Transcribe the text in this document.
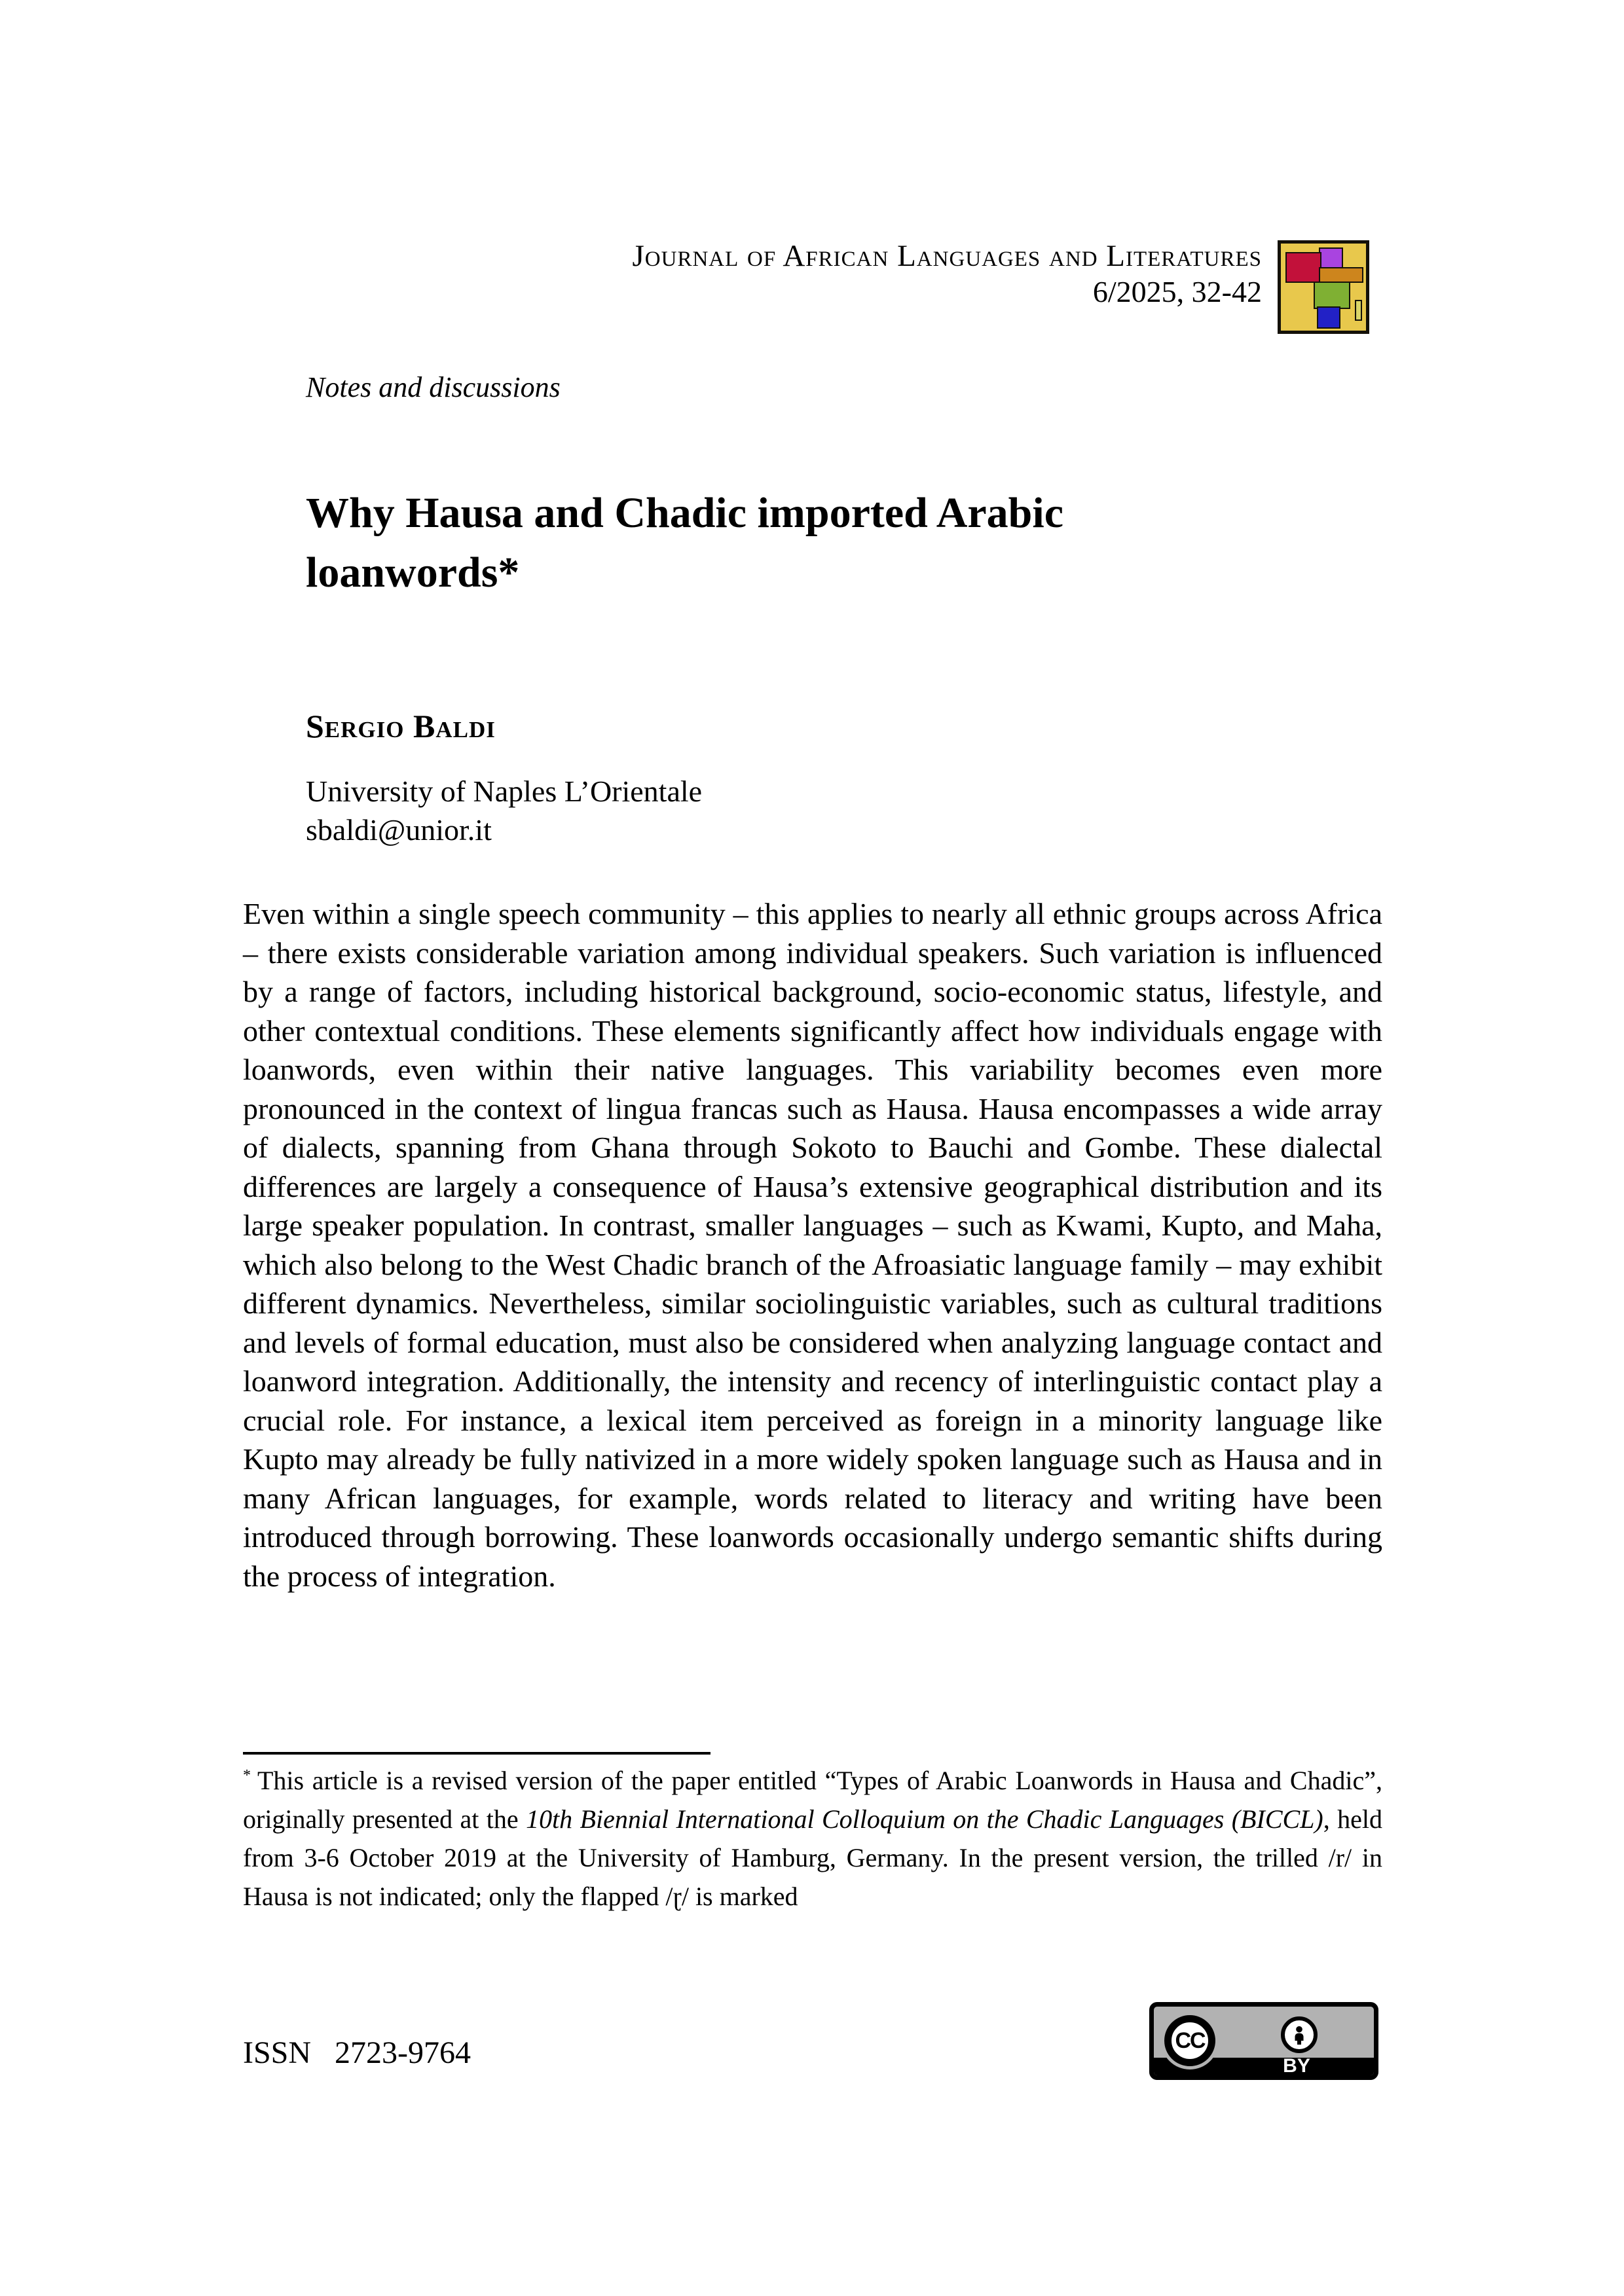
Journal of African Languages and Literatures
6/2025, 32-42
Notes and discussions
Why Hausa and Chadic imported Arabic loanwords*
Sergio Baldi
University of Naples L’Orientale
sbaldi@unior.it

Even within a single speech community – this applies to nearly all ethnic groups across Africa – there exists considerable variation among individual speakers. Such variation is influenced by a range of factors, including historical background, socio-economic status, lifestyle, and other contextual conditions. These elements significantly affect how individuals engage with loanwords, even within their native languages. This variability becomes even more pronounced in the context of lingua francas such as Hausa. Hausa encompasses a wide array of dialects, spanning from Ghana through Sokoto to Bauchi and Gombe. These dialectal differences are largely a consequence of Hausa’s extensive geographical distribution and its large speaker population. In contrast, smaller languages – such as Kwami, Kupto, and Maha, which also belong to the West Chadic branch of the Afroasiatic language family – may exhibit different dynamics. Nevertheless, similar sociolinguistic variables, such as cultural traditions and levels of formal education, must also be considered when analyzing language contact and loanword integration. Additionally, the intensity and recency of interlinguistic contact play a crucial role. For instance, a lexical item perceived as foreign in a minority language like Kupto may already be fully nativized in a more widely spoken language such as Hausa and in many African languages, for example, words related to literacy and writing have been introduced through borrowing. These loanwords occasionally undergo semantic shifts during the process of integration.

* This article is a revised version of the paper entitled “Types of Arabic Loanwords in Hausa and Chadic”, originally presented at the 10th Biennial International Colloquium on the Chadic Languages (BICCL), held from 3-6 October 2019 at the University of Hamburg, Germany. In the present version, the trilled /r/ in Hausa is not indicated; only the flapped /ɽ/ is marked

ISSN 2723-9764	CC
BY
